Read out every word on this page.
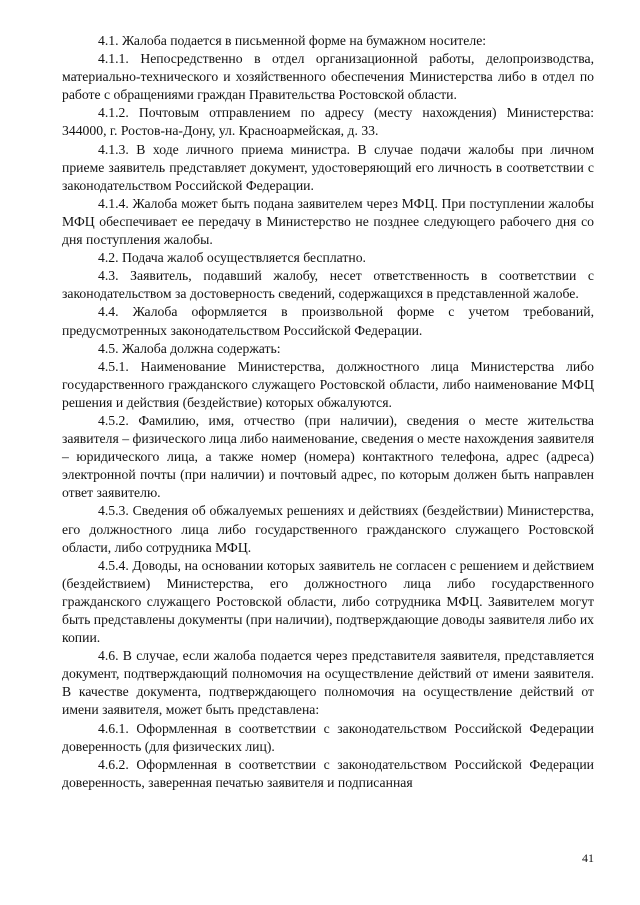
4.1. Жалоба подается в письменной форме на бумажном носителе:

4.1.1. Непосредственно в отдел организационной работы, делопроизводства, материально-технического и хозяйственного обеспечения Министерства либо в отдел по работе с обращениями граждан Правительства Ростовской области.

4.1.2. Почтовым отправлением по адресу (месту нахождения) Министерства: 344000, г. Ростов-на-Дону, ул. Красноармейская, д. 33.

4.1.3. В ходе личного приема министра. В случае подачи жалобы при личном приеме заявитель представляет документ, удостоверяющий его личность в соответствии с законодательством Российской Федерации.

4.1.4. Жалоба может быть подана заявителем через МФЦ. При поступлении жалобы МФЦ обеспечивает ее передачу в Министерство не позднее следующего рабочего дня со дня поступления жалобы.

4.2. Подача жалоб осуществляется бесплатно.

4.3. Заявитель, подавший жалобу, несет ответственность в соответствии с законодательством за достоверность сведений, содержащихся в представленной жалобе.

4.4. Жалоба оформляется в произвольной форме с учетом требований, предусмотренных законодательством Российской Федерации.

4.5. Жалоба должна содержать:

4.5.1. Наименование Министерства, должностного лица Министерства либо государственного гражданского служащего Ростовской области, либо наименование МФЦ решения и действия (бездействие) которых обжалуются.

4.5.2. Фамилию, имя, отчество (при наличии), сведения о месте жительства заявителя – физического лица либо наименование, сведения о месте нахождения заявителя – юридического лица, а также номер (номера) контактного телефона, адрес (адреса) электронной почты (при наличии) и почтовый адрес, по которым должен быть направлен ответ заявителю.

4.5.3. Сведения об обжалуемых решениях и действиях (бездействии) Министерства, его должностного лица либо государственного гражданского служащего Ростовской области, либо сотрудника МФЦ.

4.5.4. Доводы, на основании которых заявитель не согласен с решением и действием (бездействием) Министерства, его должностного лица либо государственного гражданского служащего Ростовской области, либо сотрудника МФЦ. Заявителем могут быть представлены документы (при наличии), подтверждающие доводы заявителя либо их копии.

4.6. В случае, если жалоба подается через представителя заявителя, представляется документ, подтверждающий полномочия на осуществление действий от имени заявителя. В качестве документа, подтверждающего полномочия на осуществление действий от имени заявителя, может быть представлена:

4.6.1. Оформленная в соответствии с законодательством Российской Федерации доверенность (для физических лиц).

4.6.2. Оформленная в соответствии с законодательством Российской Федерации доверенность, заверенная печатью заявителя и подписанная

41
